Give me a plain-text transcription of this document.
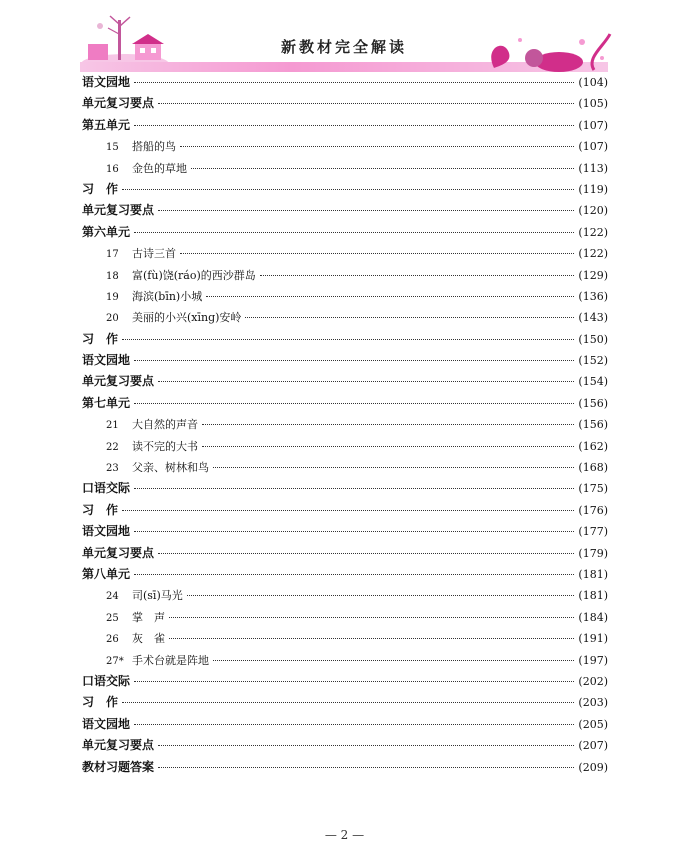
新教材完全解读
语文园地	(104)
单元复习要点	(105)
第五单元	(107)
15	搭船的鸟	(107)
16	金色的草地	(113)
习　作	(119)
单元复习要点	(120)
第六单元	(122)
17	古诗三首	(122)
18	富(fù)饶(ráo)的西沙群岛	(129)
19	海滨(bīn)小城	(136)
20	美丽的小兴(xīng)安岭	(143)
习　作	(150)
语文园地	(152)
单元复习要点	(154)
第七单元	(156)
21	大自然的声音	(156)
22	读不完的大书	(162)
23	父亲、树林和鸟	(168)
口语交际	(175)
习　作	(176)
语文园地	(177)
单元复习要点	(179)
第八单元	(181)
24	司(sī)马光	(181)
25	掌　声	(184)
26	灰　雀	(191)
27* 手术台就是阵地	(197)
口语交际	(202)
习　作	(203)
语文园地	(205)
单元复习要点	(207)
教材习题答案	(209)
— 2 —
